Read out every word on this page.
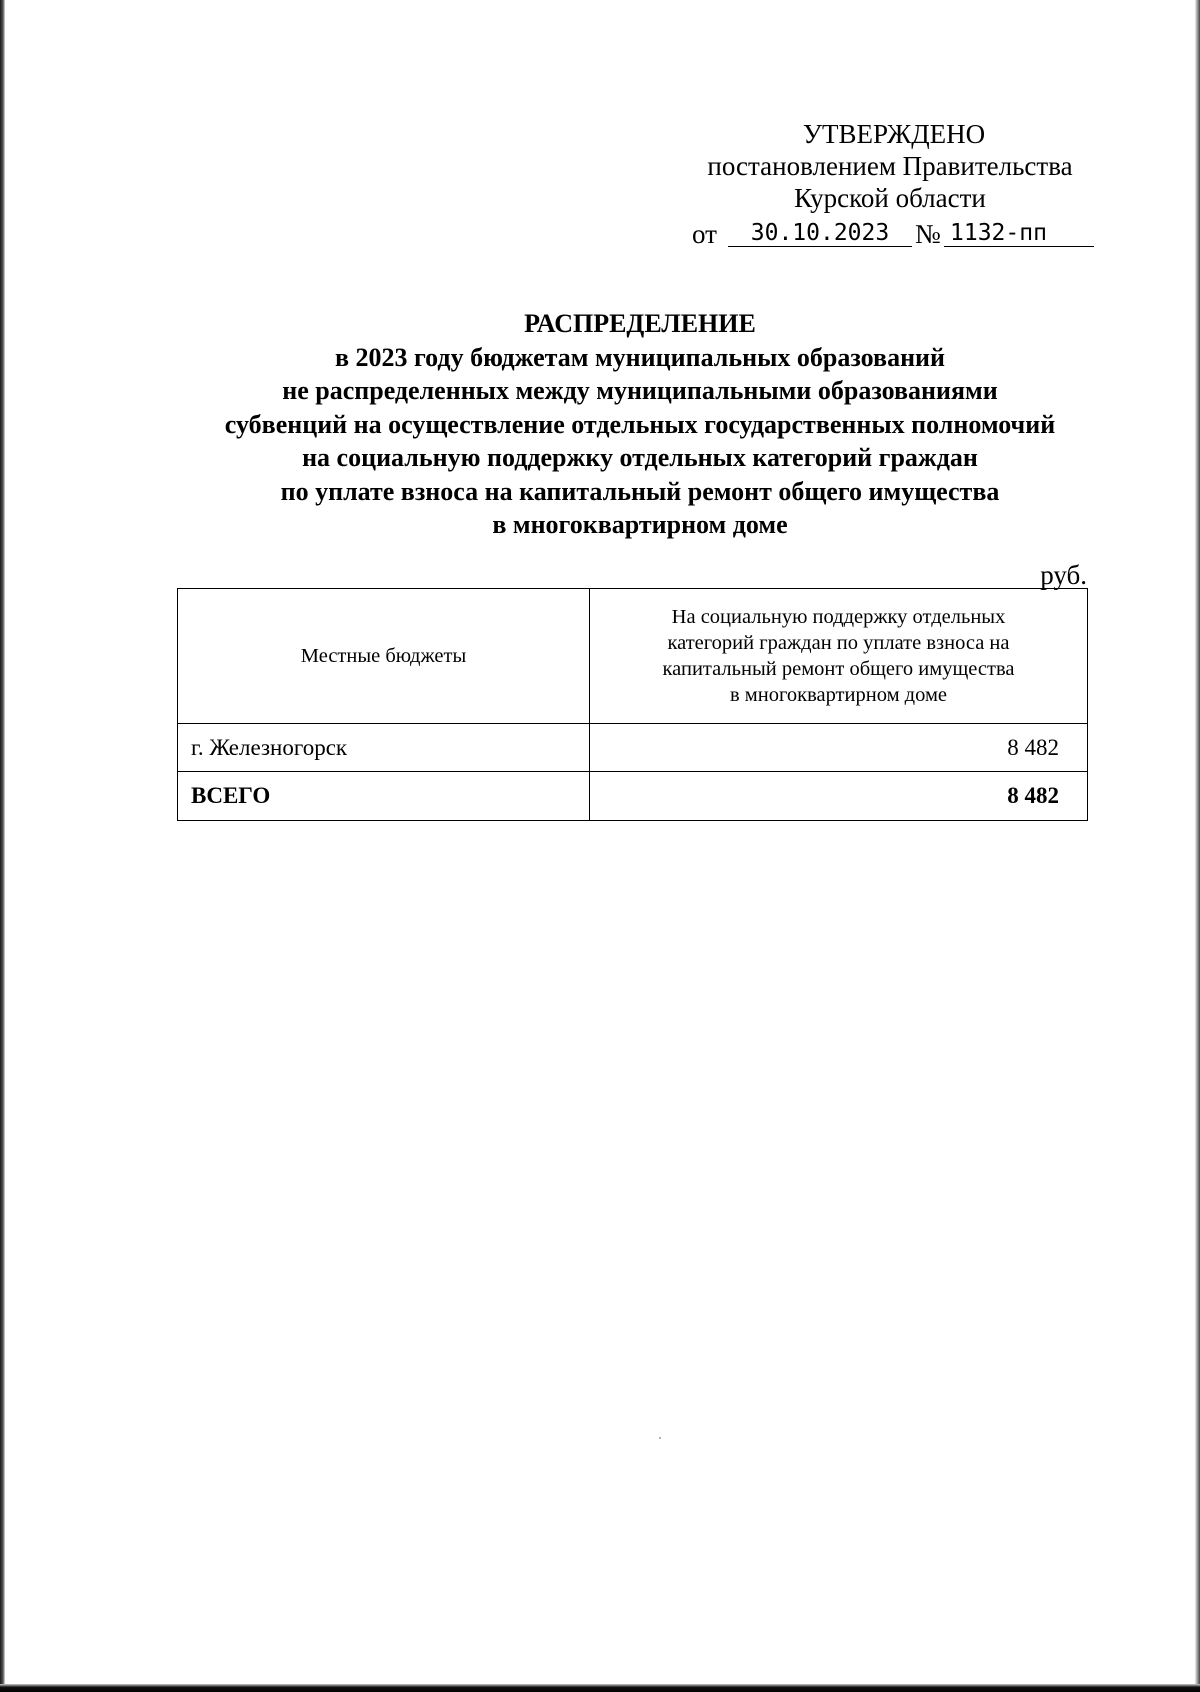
УТВЕРЖДЕНО
постановлением Правительства
Курской области
от	30.10.2023 № 1132-пп
РАСПРЕДЕЛЕНИЕ
в 2023 году бюджетам муниципальных образований
не распределенных между муниципальными образованиями
субвенций на осуществление отдельных государственных полномочий
на социальную поддержку отдельных категорий граждан
по уплате взноса на капитальный ремонт общего имущества
в многоквартирном доме
руб.
Местные бюджеты	На социальную поддержку отдельных
категорий граждан по уплате взноса на
капитальный ремонт общего имущества
в многоквартирном доме

г. Железногорск	8 482
ВСЕГО	8 482
